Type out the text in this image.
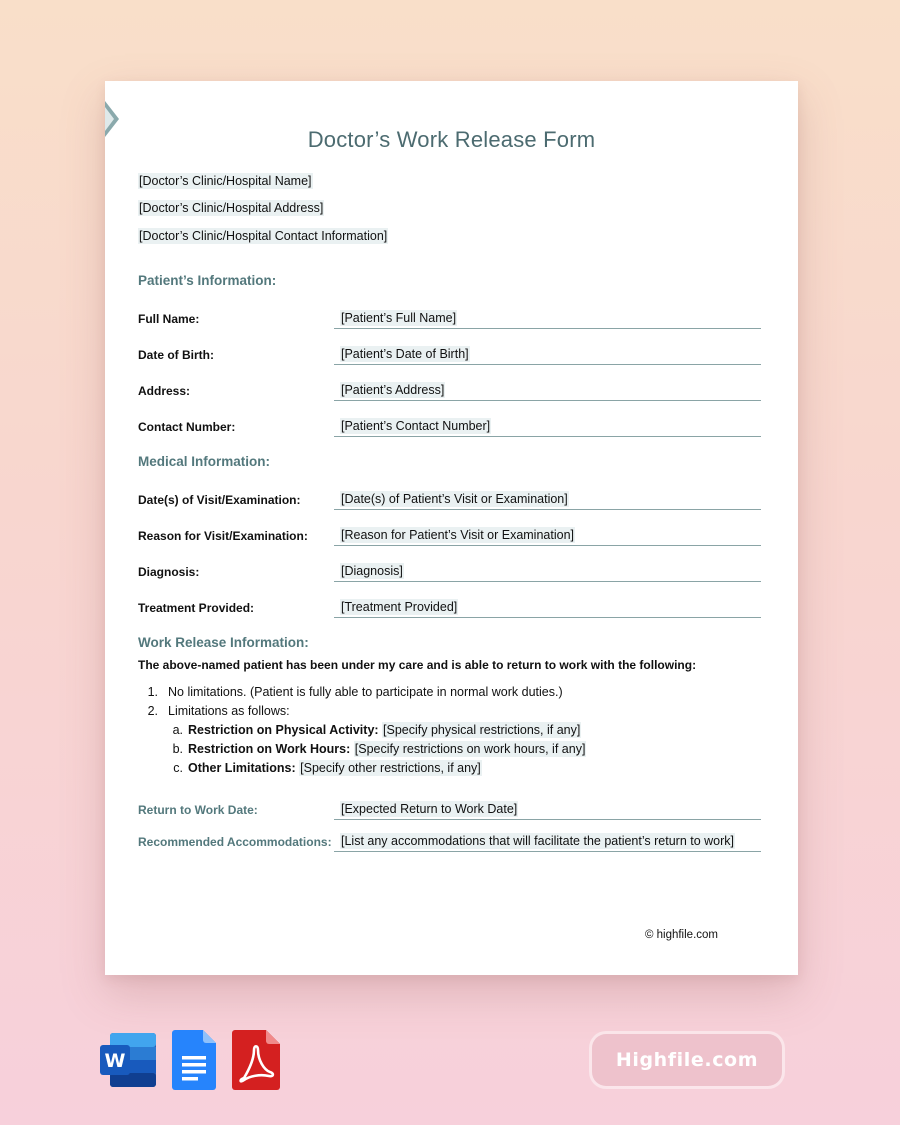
Doctor’s Work Release Form
[Doctor’s Clinic/Hospital Name]
[Doctor’s Clinic/Hospital Address]
[Doctor’s Clinic/Hospital Contact Information]
Patient’s Information:
Full Name:	[Patient’s Full Name]
Date of Birth:	[Patient’s Date of Birth]
Address:	[Patient’s Address]
Contact Number:	[Patient’s Contact Number]
Medical Information:
Date(s) of Visit/Examination:	[Date(s) of Patient’s Visit or Examination]
Reason for Visit/Examination:	[Reason for Patient’s Visit or Examination]
Diagnosis:	[Diagnosis]
Treatment Provided:	[Treatment Provided]
Work Release Information:
The above-named patient has been under my care and is able to return to work with the following:
1. No limitations. (Patient is fully able to participate in normal work duties.)
2. Limitations as follows:
a. Restriction on Physical Activity: [Specify physical restrictions, if any]
b. Restriction on Work Hours: [Specify restrictions on work hours, if any]
c. Other Limitations: [Specify other restrictions, if any]
Return to Work Date:	[Expected Return to Work Date]
Recommended Accommodations: [List any accommodations that will facilitate the patient’s return to work]
© highfile.com
W	Highfile.com
